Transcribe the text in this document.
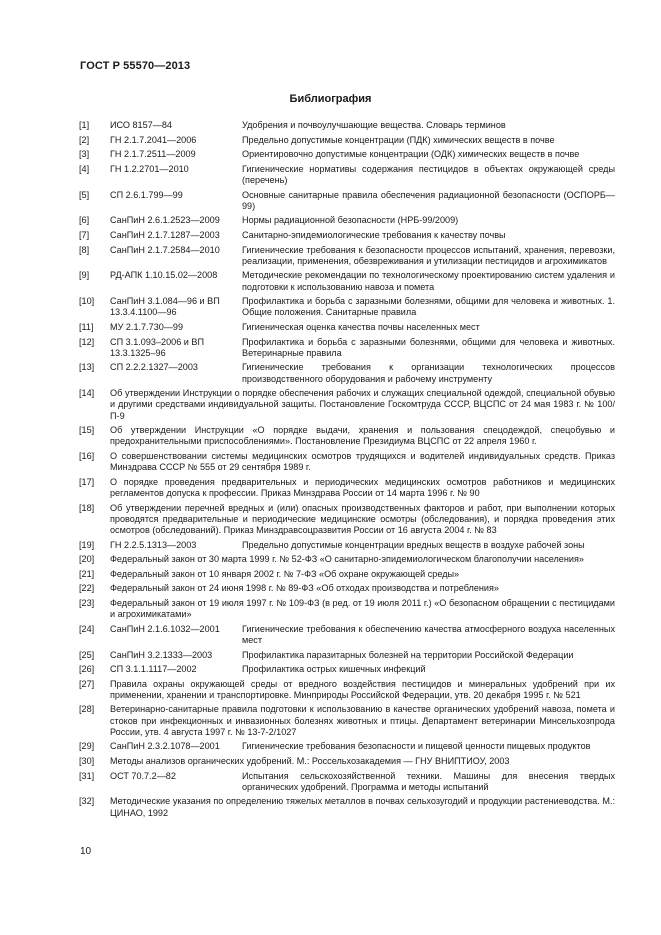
ГОСТ Р 55570—2013
Библиография
[1] ИСО 8157—84	Удобрения и почвоулучшающие вещества. Словарь терминов
[2] ГН 2.1.7.2041—2006	Предельно допустимые концентрации (ПДК) химических веществ в почве
[3] ГН 2.1.7.2511—2009	Ориентировочно допустимые концентрации (ОДК) химических веществ в почве
[4] ГН 1.2.2701—2010	Гигиенические нормативы содержания пестицидов в объектах окружающей среды (перечень)
[5] СП 2.6.1.799—99	Основные санитарные правила обеспечения радиационной безопасности (ОСПОРБ—99)
[6] СанПиН 2.6.1.2523—2009	Нормы радиационной безопасности (НРБ-99/2009)
[7] СанПиН 2.1.7.1287—2003	Санитарно-эпидемиологические требования к качеству почвы
[8] СанПиН 2.1.7.2584—2010	Гигиенические требования к безопасности процессов испытаний, хранения, перевозки, реализации, применения, обезвреживания и утилизации пестицидов и агрохимикатов
[9] РД-АПК 1.10.15.02—2008	Методические рекомендации по технологическому проектированию систем удаления и подготовки к использованию навоза и помета
[10] СанПиН 3.1.084—96 и ВП 13.3.4.1100—96
Профилактика и борьба с заразными болезнями, общими для человека и животных. 1. Общие положения. Санитарные правила
[11] МУ 2.1.7.730—99	Гигиеническая оценка качества почвы населенных мест
[12] СП 3.1.093–2006 и ВП 13.3.1325–96
Профилактика и борьба с заразными болезнями, общими для человека и животных. Ветеринарные правила
[13] СП 2.2.2.1327—2003	Гигиенические требования к организации технологических процессов производственного оборудования и рабочему инструменту
[14] Об утверждении Инструкции о порядке обеспечения рабочих и служащих специальной одеждой, специальной обувью и другими средствами индивидуальной защиты. Постановление Госкомтруда СССР, ВЦСПС от 24 мая 1983 г. № 100/П-9
[15] Об утверждении Инструкции «О порядке выдачи, хранения и пользования спецодеждой, спецобувью и предохранительными приспособлениями». Постановление Президиума ВЦСПС от 22 апреля 1960 г.
[16] О совершенствовании системы медицинских осмотров трудящихся и водителей индивидуальных средств. Приказ Минздрава СССР № 555 от 29 сентября 1989 г.
[17] О порядке проведения предварительных и периодических медицинских осмотров работников и медицинских регламентов допуска к профессии. Приказ Минздрава России от 14 марта 1996 г. № 90
[18] Об утверждении перечней вредных и (или) опасных производственных факторов и работ, при выполнении которых проводятся предварительные и периодические медицинские осмотры (обследования), и порядка проведения этих осмотров (обследований). Приказ Минздравсоцразвития России от 16 августа 2004 г. № 83
[19] ГН 2.2.5.1313—2003	Предельно допустимые концентрации вредных веществ в воздухе рабочей зоны
[20] Федеральный закон от 30 марта 1999 г. № 52-ФЗ «О санитарно-эпидемиологическом благополучии населения»
[21] Федеральный закон от 10 января 2002 г. № 7-ФЗ «Об охране окружающей среды»
[22] Федеральный закон от 24 июня 1998 г. № 89-ФЗ «Об отходах производства и потребления»
[23] Федеральный закон от 19 июля 1997 г. № 109-ФЗ (в ред. от 19 июля 2011 г.) «О безопасном обращении с пестицидами и агрохимикатами»
[24] СанПиН 2.1.6.1032—2001	Гигиенические требования к обеспечению качества атмосферного воздуха населенных мест
[25] СанПиН 3.2.1333—2003	Профилактика паразитарных болезней на территории Российской Федерации
[26] СП 3.1.1.1117—2002	Профилактика острых кишечных инфекций
[27] Правила охраны окружающей среды от вредного воздействия пестицидов и минеральных удобрений при их применении, хранении и транспортировке. Минприроды Российской Федерации, утв. 20 декабря 1995 г. № 521
[28] Ветеринарно-санитарные правила подготовки к использованию в качестве органических удобрений навоза, помета и стоков при инфекционных и инвазионных болезнях животных и птицы. Департамент ветеринарии Минсельхозпрода России, утв. 4 августа 1997 г. № 13-7-2/1027
[29] СанПиН 2.3.2.1078—2001	Гигиенические требования безопасности и пищевой ценности пищевых продуктов
[30] Методы анализов органических удобрений. М.: Россельхозакадемия — ГНУ ВНИПТИОУ, 2003
[31] ОСТ 70.7.2—82	Испытания сельскохозяйственной техники. Машины для внесения твердых органических удобрений. Программа и методы испытаний
[32] Методические указания по определению тяжелых металлов в почвах сельхозугодий и продукции растениеводства. М.: ЦИНАО, 1992
10
